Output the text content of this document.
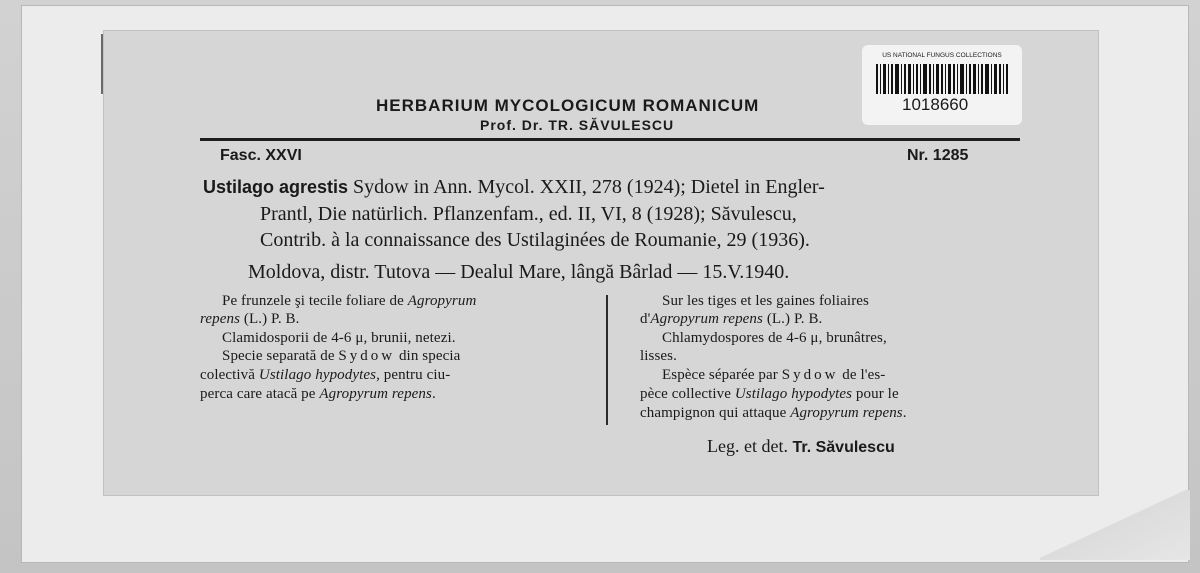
HERBARIUM MYCOLOGICUM ROMANICUM
Prof. Dr. TR. SĂVULESCU
US NATIONAL FUNGUS COLLECTIONS
1018660
Fasc. XXVI	Nr. 1285
Ustilago agrestis Sydow in Ann. Mycol. XXII, 278 (1924); Dietel in Engler-
Prantl, Die natürlich. Pflanzenfam., ed. II, VI, 8 (1928); Săvulescu,
Contrib. à la connaissance des Ustilaginées de Roumanie, 29 (1936).
Moldova, distr. Tutova — Dealul Mare, lângă Bârlad — 15.V.1940.
Pe frunzele şi tecile foliare de Agropyrum
repens (L.) P. B.
Clamidosporii de 4-6 μ, brunii, netezi.
Specie separată de Sydow din specia
colectivă Ustilago hypodytes, pentru ciu-
perca care atacă pe Agropyrum repens.
Sur les tiges et les gaines foliaires
d'Agropyrum repens (L.) P. B.
Chlamydospores de 4-6 μ, brunâtres,
lisses.
Espèce séparée par Sydow de l'es-
pèce collective Ustilago hypodytes pour le
champignon qui attaque Agropyrum repens.
Leg. et det. Tr. Săvulescu
